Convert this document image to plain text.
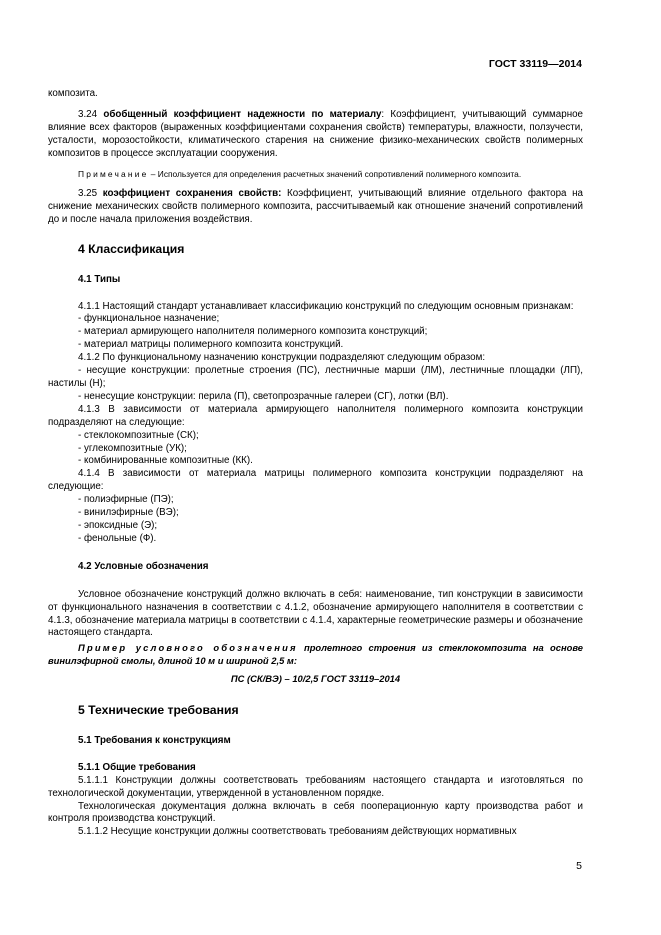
ГОСТ 33119—2014

композита.

3.24 обобщенный коэффициент надежности по материалу: Коэффициент, учитывающий суммарное влияние всех факторов (выраженных коэффициентами сохранения свойств) температуры, влажности, ползучести, усталости, морозостойкости, климатического старения на снижение физико-механических свойств полимерных композитов в процессе эксплуатации сооружения.

Примечание – Используется для определения расчетных значений сопротивлений полимерного композита.

3.25 коэффициент сохранения свойств: Коэффициент, учитывающий влияние отдельного фактора на снижение механических свойств полимерного композита, рассчитываемый как отношение значений сопротивлений до и после начала приложения воздействия.

4 Классификация

4.1 Типы

4.1.1 Настоящий стандарт устанавливает классификацию конструкций по следующим основным признакам:

- функциональное назначение;

- материал армирующего наполнителя полимерного композита конструкций;

- материал матрицы полимерного композита конструкций.

4.1.2 По функциональному назначению конструкции подразделяют следующим образом:

- несущие конструкции: пролетные строения (ПС), лестничные марши (ЛМ), лестничные площадки (ЛП), настилы (Н);

- ненесущие конструкции: перила (П), светопрозрачные галереи (СГ), лотки (ВЛ).

4.1.3 В зависимости от материала армирующего наполнителя полимерного композита конструкции подразделяют на следующие:

- стеклокомпозитные (СК);

- углекомпозитные (УК);

- комбинированные композитные (КК).

4.1.4 В зависимости от материала матрицы полимерного композита конструкции подразделяют на следующие:

- полиэфирные (ПЭ);

- винилэфирные (ВЭ);

- эпоксидные (Э);

- фенольные (Ф).

4.2 Условные обозначения

Условное обозначение конструкций должно включать в себя: наименование, тип конструкции в зависимости от функционального назначения в соответствии с 4.1.2, обозначение армирующего наполнителя в соответствии с 4.1.3, обозначение материала матрицы в соответствии с 4.1.4, характерные геометрические размеры и обозначение настоящего стандарта.

Пример условного обозначения пролетного строения из стеклокомпозита на основе винилэфирной смолы, длиной 10 м и шириной 2,5 м:

ПС (СК/ВЭ) – 10/2,5 ГОСТ 33119–2014

5 Технические требования

5.1 Требования к конструкциям

5.1.1 Общие требования

5.1.1.1 Конструкции должны соответствовать требованиям настоящего стандарта и изготовляться по технологической документации, утвержденной в установленном порядке.

Технологическая документация должна включать в себя пооперационную карту производства работ и контроля производства конструкций.

5.1.1.2 Несущие конструкции должны соответствовать требованиям действующих нормативных

5
